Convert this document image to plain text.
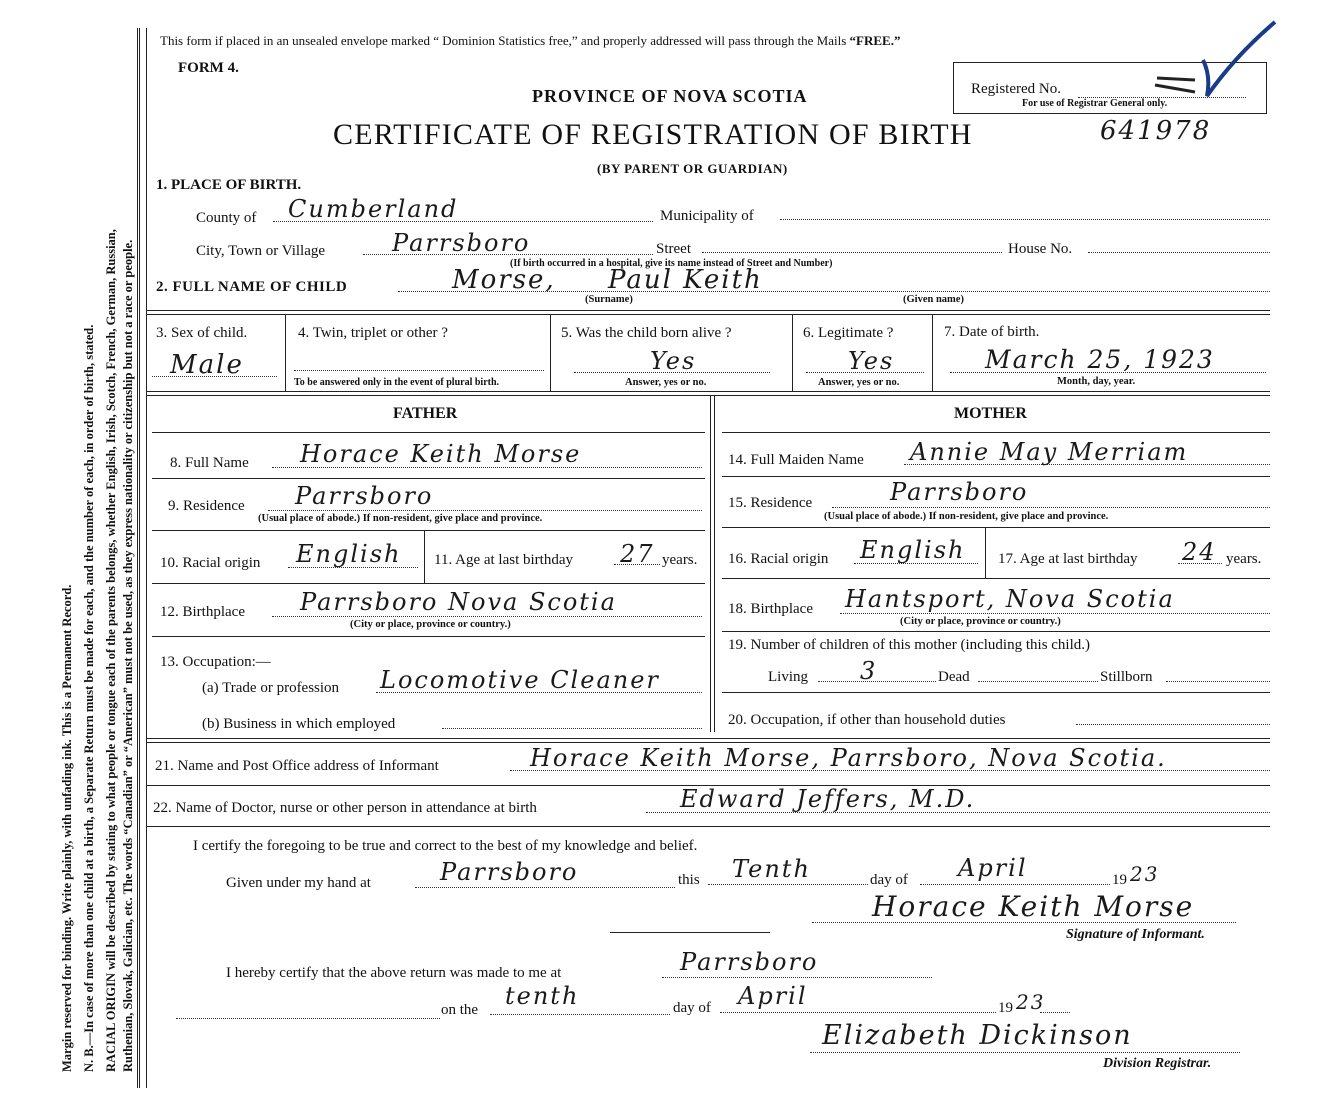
Margin reserved for binding. Write plainly, with unfading ink. This is a Permanent Record. N. B.—In case of more than one child at a birth, a Separate Return must be made for each, and the number of each, in order of birth, stated. RACIAL ORIGIN will be described by stating to what people or tongue each of the parents belongs, whether English, Irish, Scotch, French, German, Russian, Ruthenian, Slovak, Galician, etc. The words “Canadian” or “American” must not be used, as they express nationality or citizenship but not a race or people.
This form if placed in an unsealed envelope marked “ Dominion Statistics free,” and properly addressed will pass through the Mails “FREE.”
FORM 4.
PROVINCE OF NOVA SCOTIA
CERTIFICATE OF REGISTRATION OF BIRTH	641978
(BY PARENT OR GUARDIAN)
Registered No.
For use of Registrar General only.
1. PLACE OF BIRTH.
County of Cumberland	Municipality of
City, Town or Village	Parrsboro	Street	House No.
(If birth occurred in a hospital, give its name instead of Street and Number)
2. FULL NAME OF CHILD	Morse, Paul Keith
(Surname)	(Given name)
3. Sex of child.
Male
4. Twin, triplet or other ?
To be answered only in the event of plural birth.
5. Was the child born alive ?
Yes
Answer, yes or no.
6. Legitimate ?
Yes
Answer, yes or no.
7. Date of birth.
March 25, 1923
Month, day, year.
FATHER
8. Full Name Horace Keith Morse
9. Residence Parrsboro
(Usual place of abode.) If non-resident, give place and province.
10. Racial origin English 11. Age at last birthday 27 years.
12. Birthplace Parrsboro Nova Scotia
(City or place, province or country.)
13. Occupation:—
(a) Trade or profession Locomotive Cleaner
(b) Business in which employed
MOTHER
14. Full Maiden Name Annie May Merriam
15. Residence	Parrsboro
(Usual place of abode.) If non-resident, give place and province.
16. Racial origin English 17. Age at last birthday 24 years.
18. Birthplace Hantsport, Nova Scotia
(City or place, province or country.)
19. Number of children of this mother (including this child.)
Living 3	Dead	Stillborn
20. Occupation, if other than household duties
21. Name and Post Office address of Informant	Horace Keith Morse, Parrsboro, Nova Scotia.
22. Name of Doctor, nurse or other person in attendance at birth	Edward Jeffers, M.D.
I certify the foregoing to be true and correct to the best of my knowledge and belief.
Given under my hand at	Parrsboro	this Tenth	day of April	19 23
Horace Keith Morse
Signature of Informant.
I hereby certify that the above return was made to me at	Parrsboro
on the tenth	day of April	19 23
Elizabeth Dickinson
Division Registrar.
